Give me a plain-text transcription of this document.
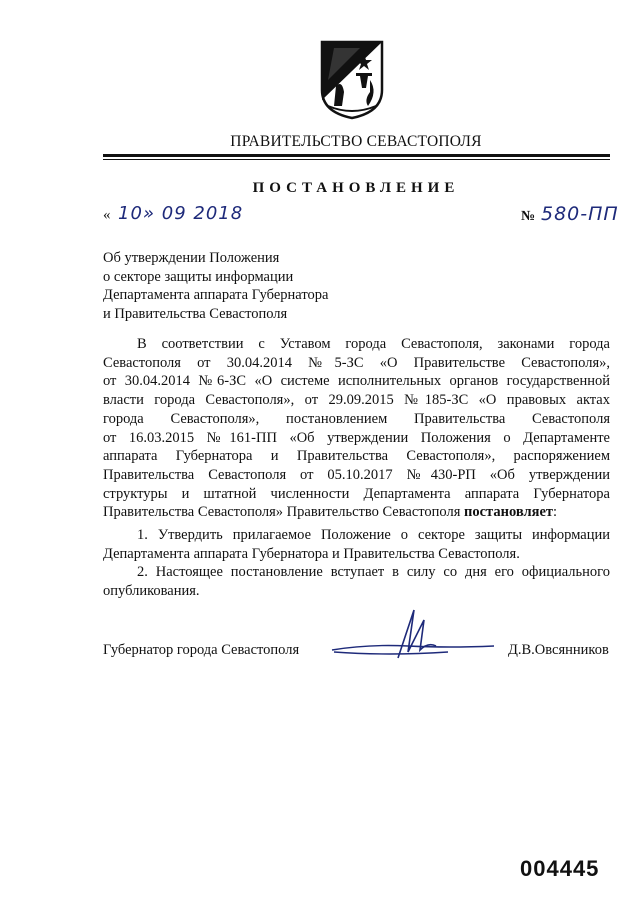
ПРАВИТЕЛЬСТВО СЕВАСТОПОЛЯ
ПОСТАНОВЛЕНИЕ
« 10» 09 2018	№ 580-ПП
Об утверждении Положения
о секторе защиты информации
Департамента аппарата Губернатора
и Правительства Севастополя
В соответствии с Уставом города Севастополя, законами города
Севастополя от 30.04.2014 №5-ЗС «О Правительстве Севастополя»,
от 30.04.2014 №6-ЗС «О системе исполнительных органов государственной
власти города Севастополя», от 29.09.2015 №185-ЗС «О правовых актах
города Севастополя», постановлением Правительства Севастополя
от 16.03.2015 №161-ПП «Об утверждении Положения о Департаменте
аппарата Губернатора и Правительства Севастополя», распоряжением
Правительства Севастополя от 05.10.2017 №430-РП «Об утверждении
структуры и штатной численности Департамента аппарата Губернатора
Правительства Севастополя» Правительство Севастополя постановляет:
1. Утвердить прилагаемое Положение о секторе защиты информации
Департамента аппарата Губернатора и Правительства Севастополя.
2. Настоящее постановление вступает в силу со дня его официального
опубликования.
Губернатор города Севастополя	Д.В.Овсянников
004445
